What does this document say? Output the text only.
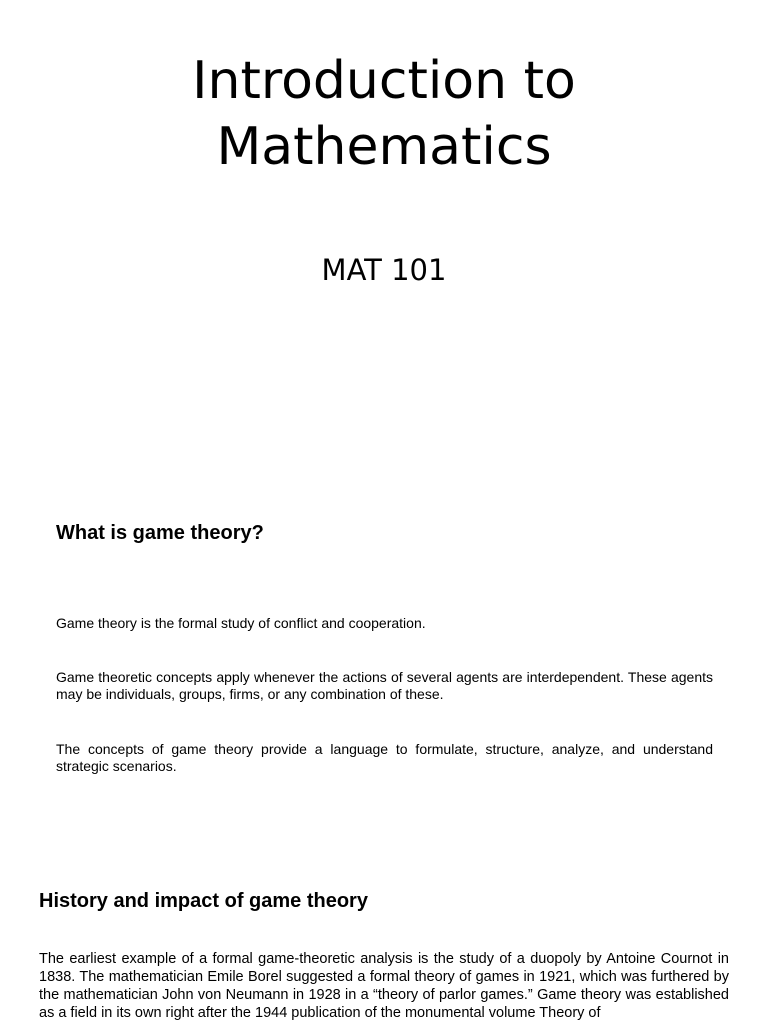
Introduction to
Mathematics
MAT 101
What is game theory?

Game theory is the formal study of conflict and cooperation.

Game theoretic concepts apply whenever the actions of several agents are interdependent. These agents may be individuals, groups, firms, or any combination of these.

The concepts of game theory provide a language to formulate, structure, analyze, and understand strategic scenarios.

History and impact of game theory

The earliest example of a formal game-theoretic analysis is the study of a duopoly by Antoine Cournot in 1838. The mathematician Emile Borel suggested a formal theory of games in 1921, which was furthered by the mathematician John von Neumann in 1928 in a “theory of parlor games.” Game theory was established as a field in its own right after the 1944 publication of the monumental volume Theory of
